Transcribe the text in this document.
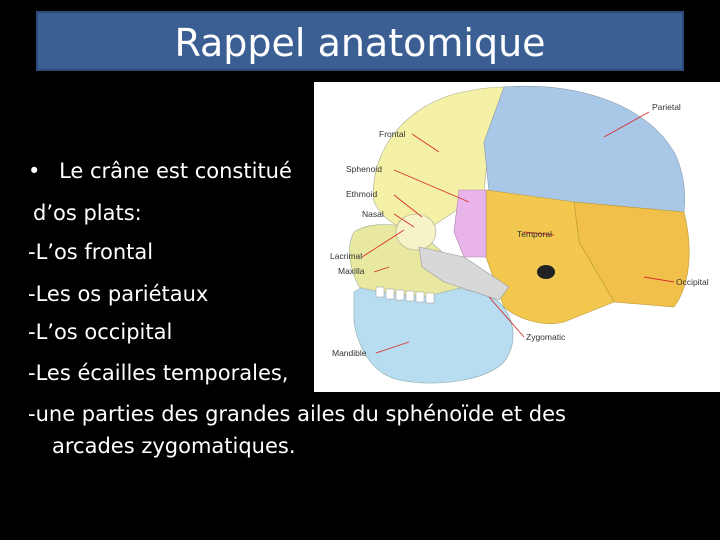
Rappel anatomique
Parietal
Frontal
Sphenoid
Ethmoid
Nasal
Temporal
Lacrimal
Maxilla
Occipital
Zygomatic
Mandible
• Le crâne est constitué
d’os plats:
-L’os frontal
-Les os pariétaux
-L’os occipital
-Les écailles temporales,
-une parties des grandes ailes du sphénoïde et des
arcades zygomatiques.
